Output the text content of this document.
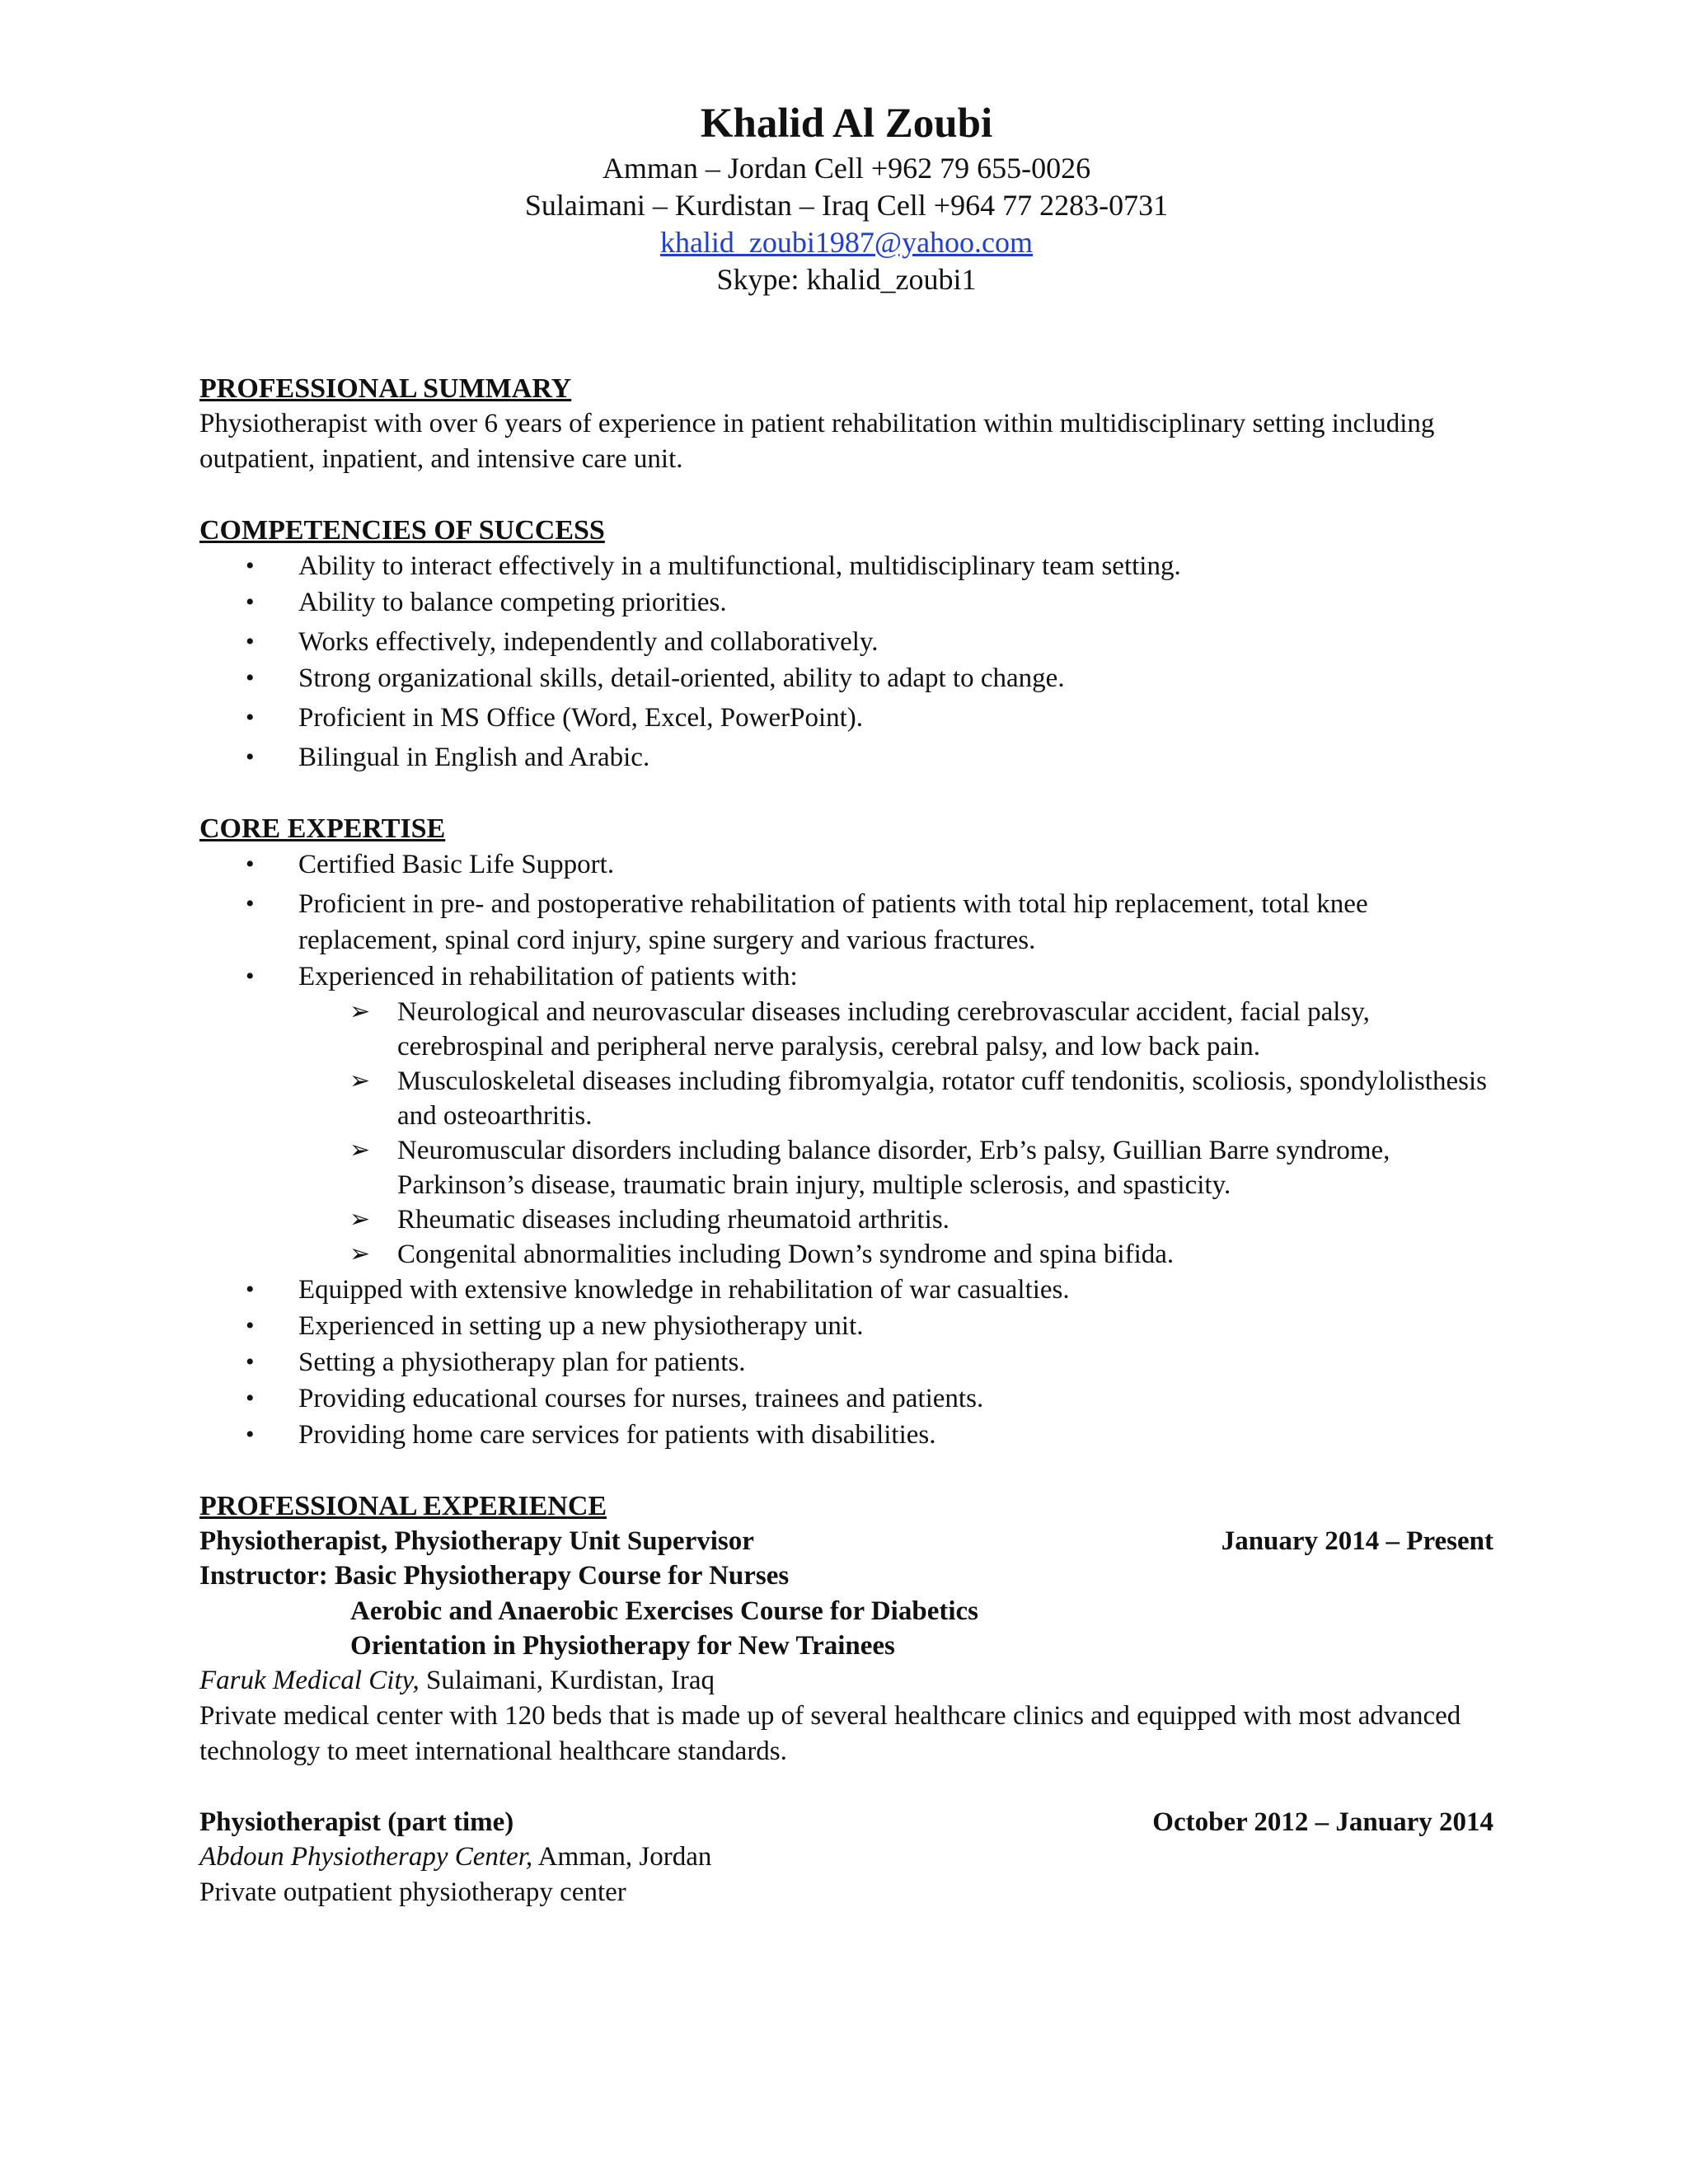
Khalid Al Zoubi
Amman – Jordan Cell +962 79 655-0026
Sulaimani – Kurdistan – Iraq Cell +964 77 2283-0731
khalid_zoubi1987@yahoo.com
Skype: khalid_zoubi1
PROFESSIONAL SUMMARY
Physiotherapist with over 6 years of experience in patient rehabilitation within multidisciplinary setting including outpatient, inpatient, and intensive care unit.
COMPETENCIES OF SUCCESS
• Ability to interact effectively in a multifunctional, multidisciplinary team setting.
• Ability to balance competing priorities.
• Works effectively, independently and collaboratively.
• Strong organizational skills, detail-oriented, ability to adapt to change.
• Proficient in MS Office (Word, Excel, PowerPoint).
• Bilingual in English and Arabic.
CORE EXPERTISE
• Certified Basic Life Support.
• Proficient in pre- and postoperative rehabilitation of patients with total hip replacement, total knee replacement, spinal cord injury, spine surgery and various fractures.
• Experienced in rehabilitation of patients with:
➢ Neurological and neurovascular diseases including cerebrovascular accident, facial palsy, cerebrospinal and peripheral nerve paralysis, cerebral palsy, and low back pain.
➢ Musculoskeletal diseases including fibromyalgia, rotator cuff tendonitis, scoliosis, spondylolisthesis and osteoarthritis.
➢ Neuromuscular disorders including balance disorder, Erb’s palsy, Guillian Barre syndrome, Parkinson’s disease, traumatic brain injury, multiple sclerosis, and spasticity.
➢ Rheumatic diseases including rheumatoid arthritis.
➢ Congenital abnormalities including Down’s syndrome and spina bifida.
• Equipped with extensive knowledge in rehabilitation of war casualties.
• Experienced in setting up a new physiotherapy unit.
• Setting a physiotherapy plan for patients.
• Providing educational courses for nurses, trainees and patients.
• Providing home care services for patients with disabilities.
PROFESSIONAL EXPERIENCE
Physiotherapist, Physiotherapy Unit Supervisor	January 2014 – Present
Instructor: Basic Physiotherapy Course for Nurses
Aerobic and Anaerobic Exercises Course for Diabetics
Orientation in Physiotherapy for New Trainees
Faruk Medical City, Sulaimani, Kurdistan, Iraq
Private medical center with 120 beds that is made up of several healthcare clinics and equipped with most advanced technology to meet international healthcare standards.
Physiotherapist (part time)	October 2012 – January 2014
Abdoun Physiotherapy Center, Amman, Jordan
Private outpatient physiotherapy center
